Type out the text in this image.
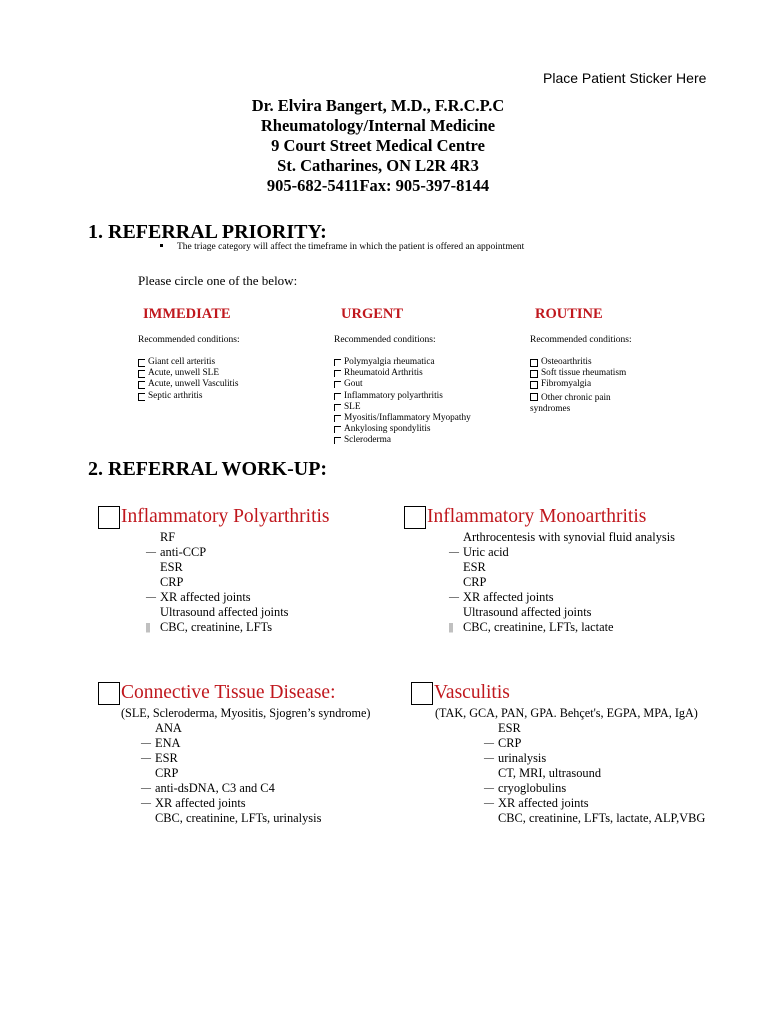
Place Patient Sticker Here
Dr. Elvira Bangert, M.D., F.R.C.P.C
Rheumatology/Internal Medicine
9 Court Street Medical Centre
St. Catharines, ON L2R 4R3
905-682-5411Fax: 905-397-8144
1. REFERRAL PRIORITY:
The triage category will affect the timeframe in which the patient is offered an appointment
Please circle one of the below:
IMMEDIATE
Recommended conditions:
Giant cell arteritis
Acute, unwell SLE
Acute, unwell Vasculitis
Septic arthritis
URGENT
Recommended conditions:
Polymyalgia rheumatica
Rheumatoid Arthritis
Gout
Inflammatory polyarthritis
SLE
Myositis/Inflammatory Myopathy
Ankylosing spondylitis
Scleroderma
ROUTINE
Recommended conditions:
Osteoarthritis
Soft tissue rheumatism
Fibromyalgia
Other chronic pain syndromes
2. REFERRAL WORK-UP:
Inflammatory Polyarthritis
RF
— anti-CCP
ESR
CRP
— XR affected joints
Ultrasound affected joints
|| CBC, creatinine, LFTs
Inflammatory Monoarthritis
Arthrocentesis with synovial fluid analysis
— Uric acid
ESR
CRP
— XR affected joints
Ultrasound affected joints
|| CBC, creatinine, LFTs, lactate
Connective Tissue Disease:
(SLE, Scleroderma, Myositis, Sjogren’s syndrome)
ANA
— ENA
— ESR
CRP
— anti-dsDNA, C3 and C4
— XR affected joints
CBC, creatinine, LFTs, urinalysis
Vasculitis
(TAK, GCA, PAN, GPA. Behçet's, EGPA, MPA, IgA)
ESR
— CRP
— urinalysis
CT, MRI, ultrasound
— cryoglobulins
— XR affected joints
CBC, creatinine, LFTs, lactate, ALP,VBG
